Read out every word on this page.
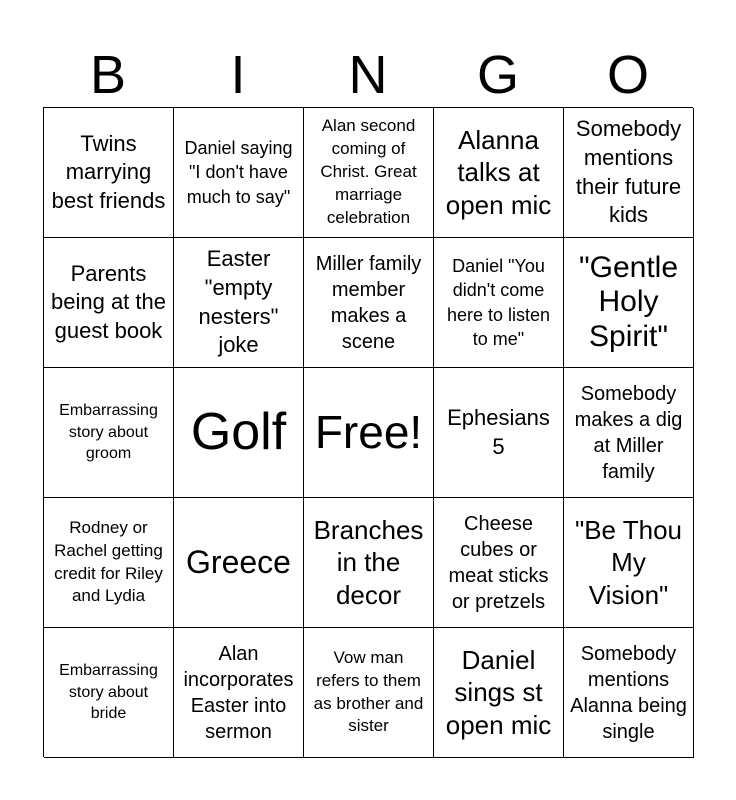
B	I	N	G	O
Twins marrying best friends
Daniel saying "I don't have much to say"
Alan second coming of Christ. Great marriage celebration
Alanna talks at open mic
Somebody mentions their future kids
Parents being at the guest book
Easter "empty nesters" joke
Miller family member makes a scene
Daniel "You didn't come here to listen to me"
"Gentle Holy Spirit"
Embarrassing story about groom	Golf Free!	Ephesians 5
Somebody makes a dig at Miller family
Rodney or Rachel getting credit for Riley and Lydia
Greece
Branches in the decor
Cheese cubes or meat sticks or pretzels
"Be Thou My Vision"
Embarrassing story about bride
Alan incorporates Easter into sermon
Vow man refers to them as brother and sister
Daniel sings st open mic
Somebody mentions Alanna being single
